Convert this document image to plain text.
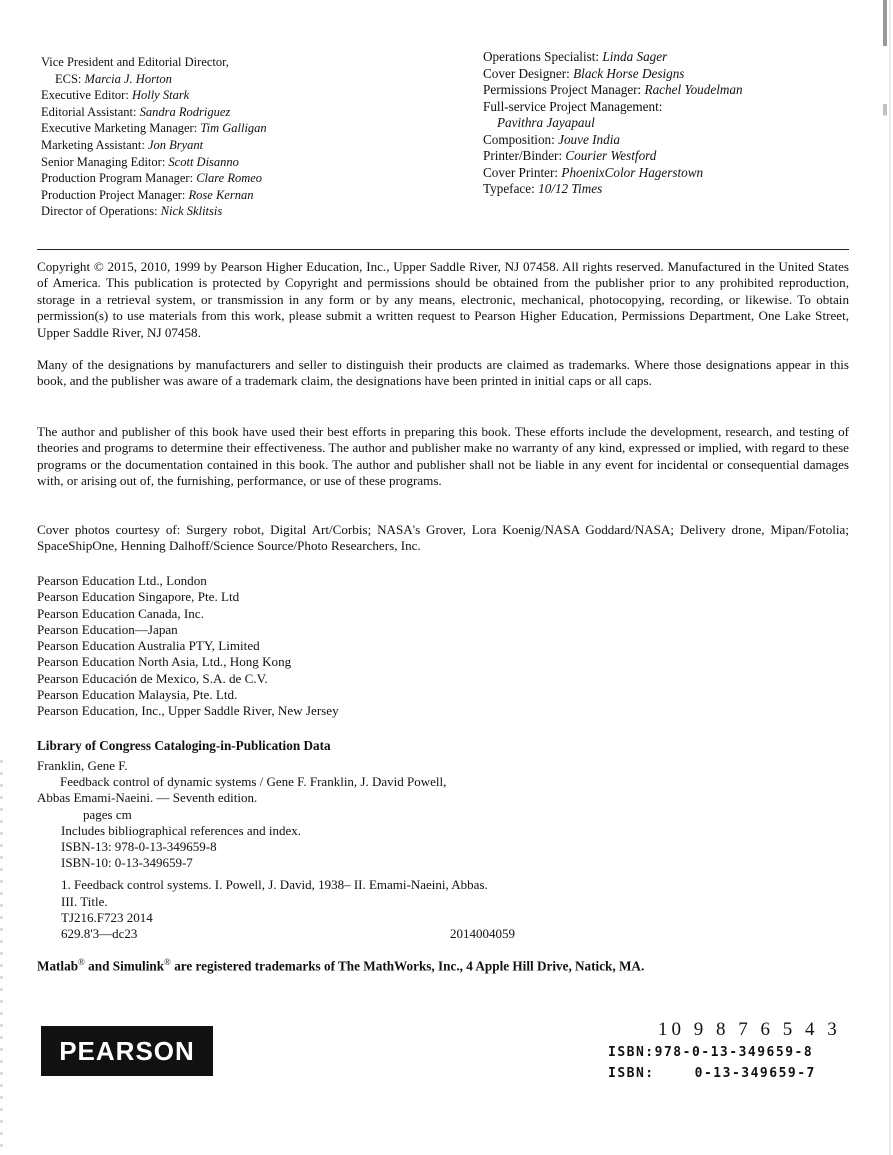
Vice President and Editorial Director,
ECS: Marcia J. Horton
Executive Editor: Holly Stark
Editorial Assistant: Sandra Rodriguez
Executive Marketing Manager: Tim Galligan
Marketing Assistant: Jon Bryant
Senior Managing Editor: Scott Disanno
Production Program Manager: Clare Romeo
Production Project Manager: Rose Kernan
Director of Operations: Nick Sklitsis
Operations Specialist: Linda Sager
Cover Designer: Black Horse Designs
Permissions Project Manager: Rachel Youdelman
Full-service Project Management:
Pavithra Jayapaul
Composition: Jouve India
Printer/Binder: Courier Westford
Cover Printer: PhoenixColor Hagerstown
Typeface: 10/12 Times
Copyright © 2015, 2010, 1999 by Pearson Higher Education, Inc., Upper Saddle River, NJ 07458. All rights reserved. Manufactured in the United States of America. This publication is protected by Copyright and permissions should be obtained from the publisher prior to any prohibited reproduction, storage in a retrieval system, or transmission in any form or by any means, electronic, mechanical, photocopying, recording, or likewise. To obtain permission(s) to use materials from this work, please submit a written request to Pearson Higher Education, Permissions Department, One Lake Street, Upper Saddle River, NJ 07458.
Many of the designations by manufacturers and seller to distinguish their products are claimed as trademarks. Where those designations appear in this book, and the publisher was aware of a trademark claim, the designations have been printed in initial caps or all caps.
The author and publisher of this book have used their best efforts in preparing this book. These efforts include the development, research, and testing of theories and programs to determine their effectiveness. The author and publisher make no warranty of any kind, expressed or implied, with regard to these programs or the documentation contained in this book. The author and publisher shall not be liable in any event for incidental or consequential damages with, or arising out of, the furnishing, performance, or use of these programs.
Cover photos courtesy of: Surgery robot, Digital Art/Corbis; NASA's Grover, Lora Koenig/NASA Goddard/NASA; Delivery drone, Mipan/Fotolia; SpaceShipOne, Henning Dalhoff/Science Source/Photo Researchers, Inc.
Pearson Education Ltd., London
Pearson Education Singapore, Pte. Ltd
Pearson Education Canada, Inc.
Pearson Education—Japan
Pearson Education Australia PTY, Limited
Pearson Education North Asia, Ltd., Hong Kong
Pearson Educación de Mexico, S.A. de C.V.
Pearson Education Malaysia, Pte. Ltd.
Pearson Education, Inc., Upper Saddle River, New Jersey
Library of Congress Cataloging-in-Publication Data
Franklin, Gene F.
Feedback control of dynamic systems / Gene F. Franklin, J. David Powell,
Abbas Emami-Naeini. — Seventh edition.
pages cm
Includes bibliographical references and index.
ISBN-13: 978-0-13-349659-8
ISBN-10: 0-13-349659-7
1. Feedback control systems. I. Powell, J. David, 1938– II. Emami-Naeini, Abbas.
III. Title.
TJ216.F723 2014
629.8'3—dc23	2014004059
Matlab® and Simulink® are registered trademarks of The MathWorks, Inc., 4 Apple Hill Drive, Natick, MA.
PEARSON
10 9 8 7 6 5 4 3
ISBN:978-0-13-349659-8
ISBN:	0-13-349659-7
